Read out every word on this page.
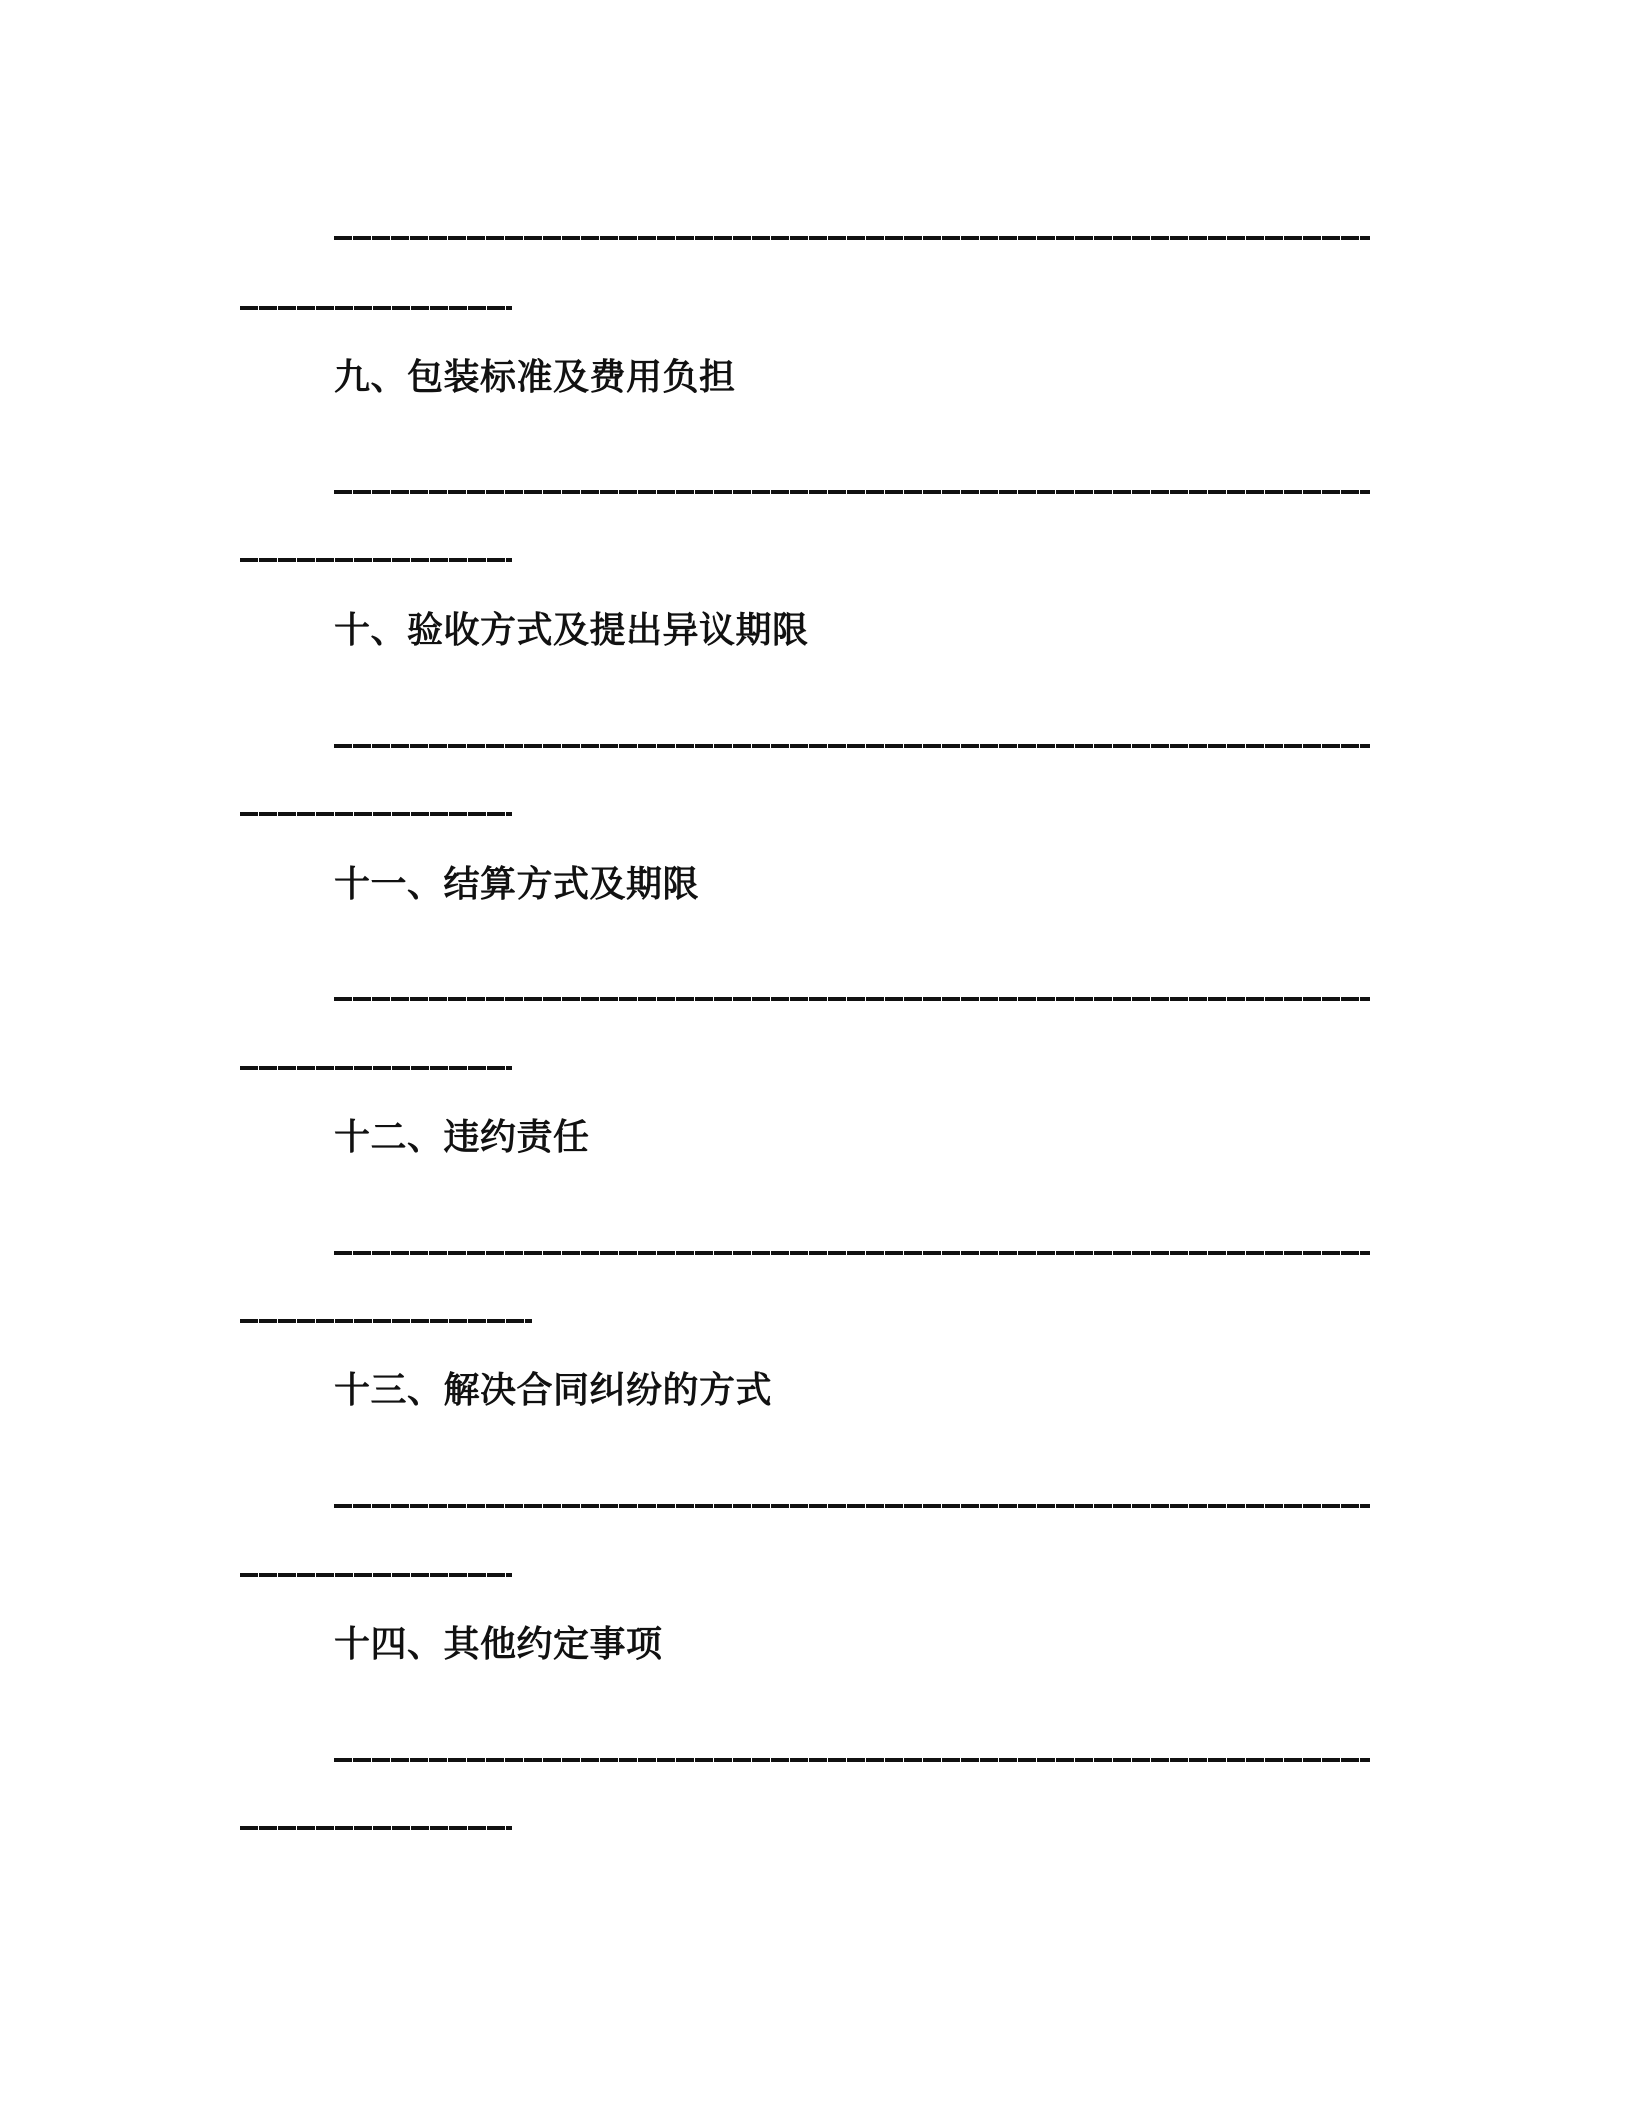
九、包装标准及费用负担
十、验收方式及提出异议期限
十一、结算方式及期限
十二、违约责任
十三、解决合同纠纷的方式
十四、其他约定事项
